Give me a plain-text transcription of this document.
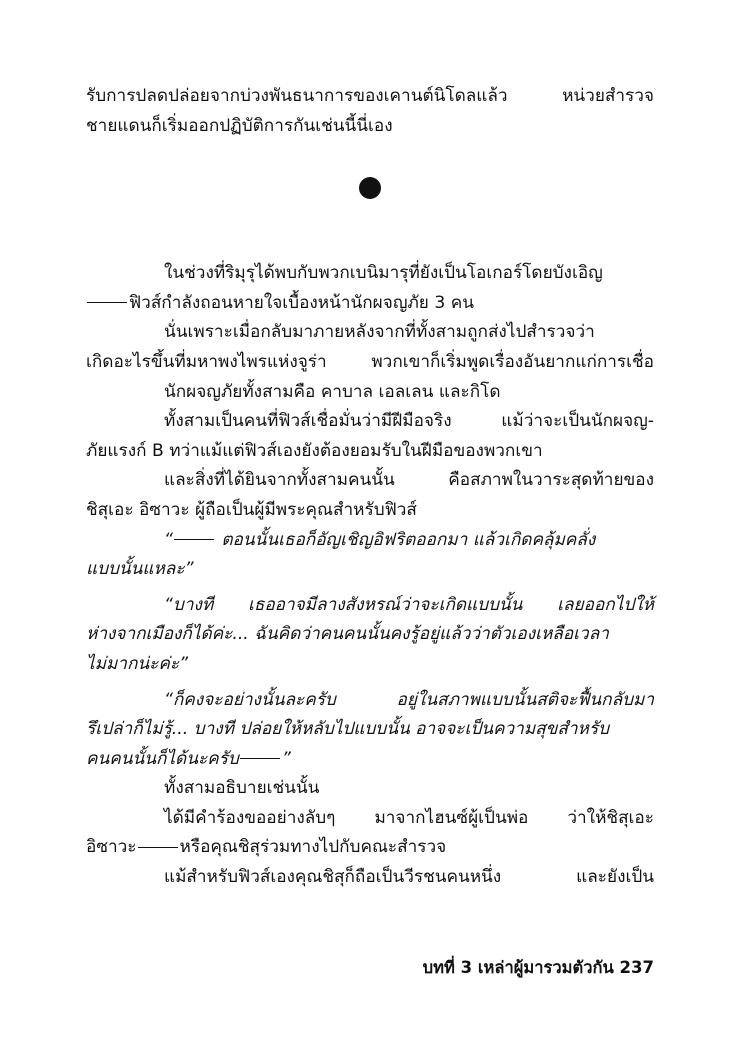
รับการปลดปล่อยจากบ่วงพันธนาการของเคานต์นิโดลแล้ว หน่วยสำรวจ
ชายแดนก็เริ่มออกปฏิบัติการกันเช่นนี้นี่เอง
ในช่วงที่ริมุรุได้พบกับพวกเบนิมารุที่ยังเป็นโอเกอร์โดยบังเอิญ
ฟิวส์กำลังถอนหายใจเบื้องหน้านักผจญภัย 3 คน
นั่นเพราะเมื่อกลับมาภายหลังจากที่ทั้งสามถูกส่งไปสำรวจว่า
เกิดอะไรขึ้นที่มหาพงไพรแห่งจูร่า พวกเขาก็เริ่มพูดเรื่องอันยากแก่การเชื่อ
นักผจญภัยทั้งสามคือ คาบาล เอลเลน และกิโด
ทั้งสามเป็นคนที่ฟิวส์เชื่อมั่นว่ามีฝีมือจริง แม้ว่าจะเป็นนักผจญ-
ภัยแรงก์ B ทว่าแม้แต่ฟิวส์เองยังต้องยอมรับในฝีมือของพวกเขา
และสิ่งที่ได้ยินจากทั้งสามคนนั้น คือสภาพในวาระสุดท้ายของ
ชิสุเอะ อิซาวะ ผู้ถือเป็นผู้มีพระคุณสำหรับฟิวส์
“	ตอนนั้นเธอก็อัญเชิญอิฟริตออกมา แล้วเกิดคลุ้มคลั่ง
แบบนั้นแหละ”
“บางที เธออาจมีลางสังหรณ์ว่าจะเกิดแบบนั้น เลยออกไปให้
ห่างจากเมืองก็ได้ค่ะ... ฉันคิดว่าคนคนนั้นคงรู้อยู่แล้วว่าตัวเองเหลือเวลา
ไม่มากน่ะค่ะ”
“ก็คงจะอย่างนั้นละครับ อยู่ในสภาพแบบนั้นสติจะฟื้นกลับมา
รึเปล่าก็ไม่รู้... บางที ปล่อยให้หลับไปแบบนั้น อาจจะเป็นความสุขสำหรับ
คนคนนั้นก็ได้นะครับ	”
ทั้งสามอธิบายเช่นนั้น
ได้มีคำร้องขออย่างลับๆ มาจากไฮนซ์ผู้เป็นพ่อ ว่าให้ชิสุเอะ
อิซาวะ	หรือคุณชิสุร่วมทางไปกับคณะสำรวจ
แม้สำหรับฟิวส์เองคุณชิสุก็ถือเป็นวีรชนคนหนึ่ง และยังเป็น
บทที่ 3 เหล่าผู้มารวมตัวกัน 237
